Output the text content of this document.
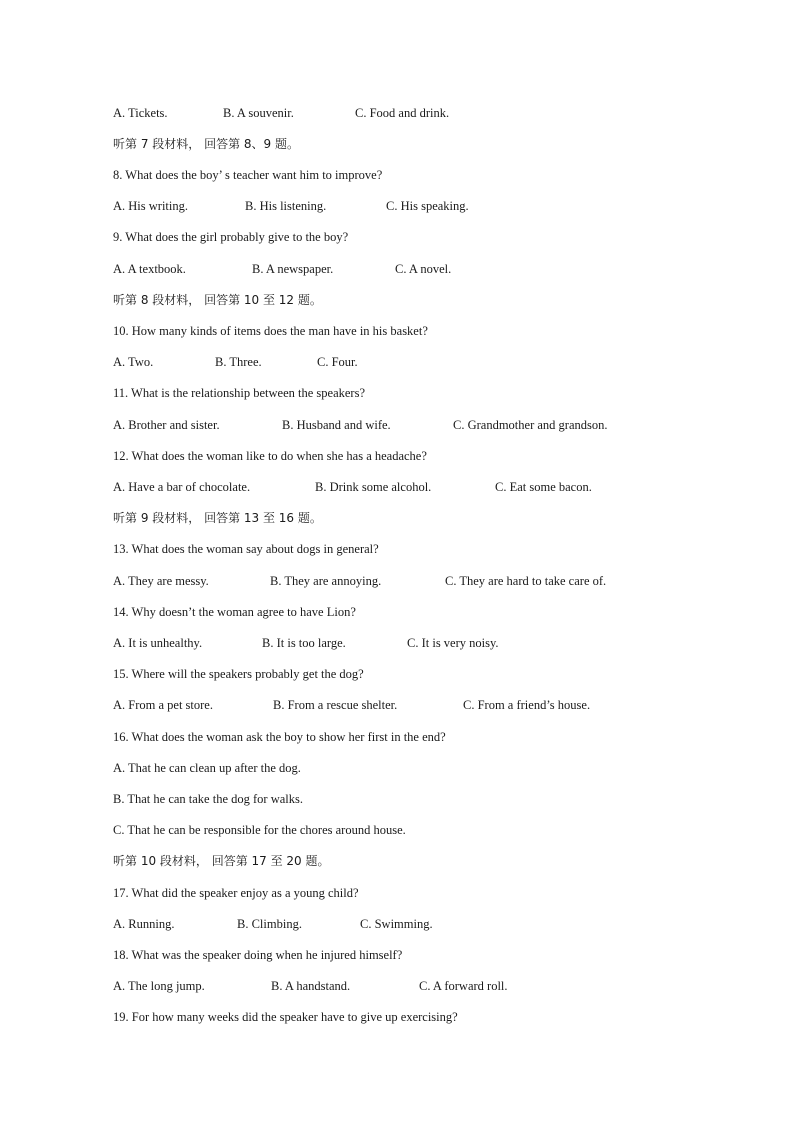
A. Tickets.	B. A souvenir.	C. Food and drink.
听第 7 段材料， 回答第 8、9 题。
8. What does the boy’ s teacher want him to improve?
A. His writing.	B. His listening.	C. His speaking.
9. What does the girl probably give to the boy?
A. A textbook.	B. A newspaper.	C. A novel.
听第 8 段材料， 回答第 10 至 12 题。
10. How many kinds of items does the man have in his basket?
A. Two.	B. Three.	C. Four.
11. What is the relationship between the speakers?
A. Brother and sister.	B. Husband and wife.	C. Grandmother and grandson.
12. What does the woman like to do when she has a headache?
A. Have a bar of chocolate.	B. Drink some alcohol.	C. Eat some bacon.
听第 9 段材料， 回答第 13 至 16 题。
13. What does the woman say about dogs in general?
A. They are messy.	B. They are annoying.	C. They are hard to take care of.
14. Why doesn’t the woman agree to have Lion?
A. It is unhealthy.	B. It is too large.	C. It is very noisy.
15. Where will the speakers probably get the dog?
A. From a pet store.	B. From a rescue shelter.	C. From a friend’s house.
16. What does the woman ask the boy to show her first in the end?
A. That he can clean up after the dog.
B. That he can take the dog for walks.
C. That he can be responsible for the chores around house.
听第 10 段材料， 回答第 17 至 20 题。
17. What did the speaker enjoy as a young child?
A. Running.	B. Climbing.	C. Swimming.
18. What was the speaker doing when he injured himself?
A. The long jump.	B. A handstand.	C. A forward roll.
19. For how many weeks did the speaker have to give up exercising?
